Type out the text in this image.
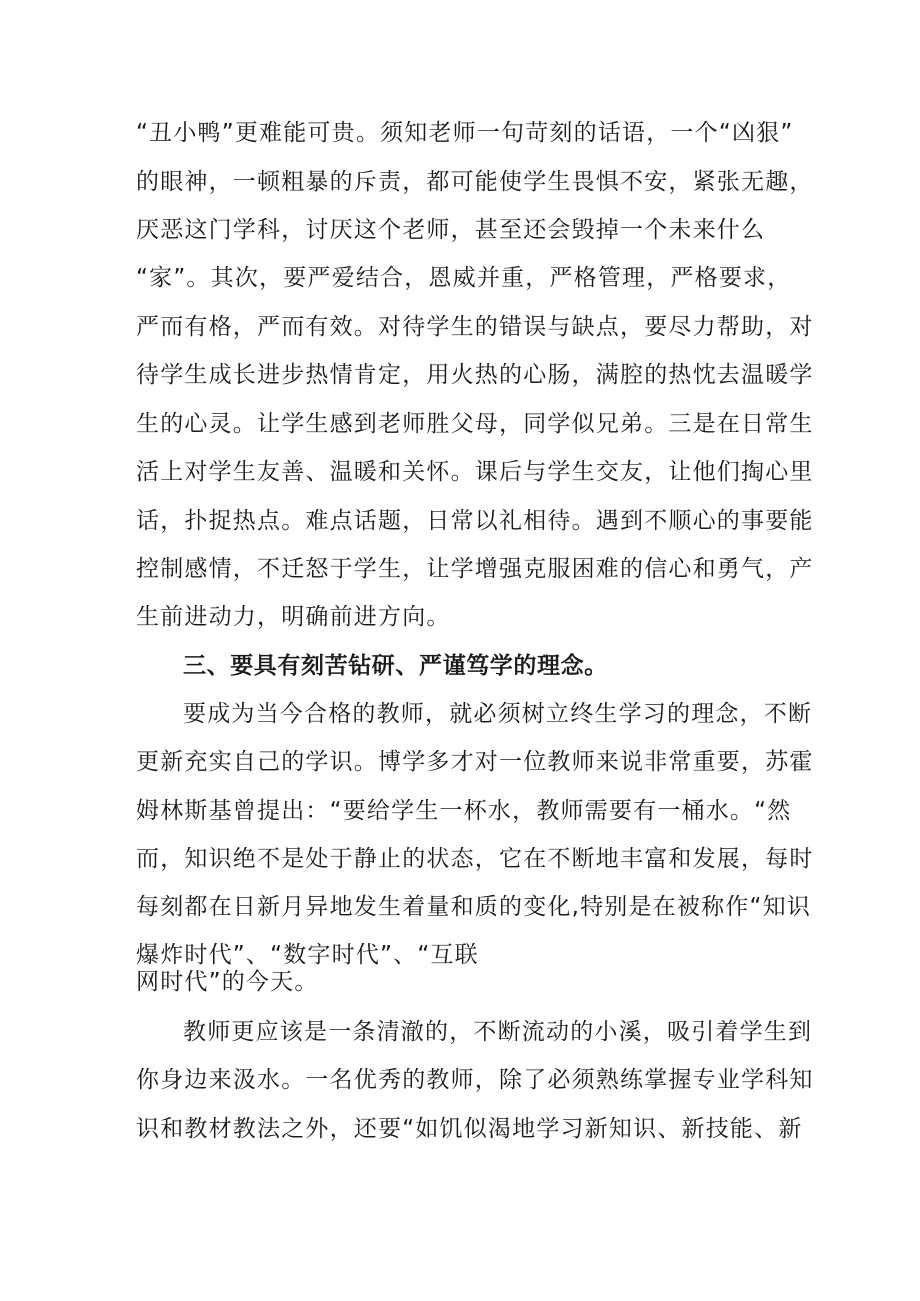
“丑小鸭”更难能可贵。须知老师一句苛刻的话语，一个“凶狠”
的眼神，一顿粗暴的斥责，都可能使学生畏惧不安，紧张无趣，
厌恶这门学科，讨厌这个老师，甚至还会毁掉一个未来什么
“家”。其次，要严爱结合，恩威并重，严格管理，严格要求，
严而有格，严而有效。对待学生的错误与缺点，要尽力帮助，对
待学生成长进步热情肯定，用火热的心肠，满腔的热忱去温暖学
生的心灵。让学生感到老师胜父母，同学似兄弟。三是在日常生
活上对学生友善、温暖和关怀。课后与学生交友，让他们掏心里
话，扑捉热点。难点话题，日常以礼相待。遇到不顺心的事要能
控制感情，不迁怒于学生，让学增强克服困难的信心和勇气，产
生前进动力，明确前进方向。
三、要具有刻苦钻研、严谨笃学的理念。
要成为当今合格的教师，就必须树立终生学习的理念，不断
更新充实自己的学识。博学多才对一位教师来说非常重要，苏霍
姆林斯基曾提出：“要给学生一杯水，教师需要有一桶水。“然
而，知识绝不是处于静止的状态，它在不断地丰富和发展，每时
每刻都在日新月异地发生着量和质的变化,特别是在被称作“知识
爆炸时代”、“数字时代”、“互联
网时代”的今天。
教师更应该是一条清澈的，不断流动的小溪，吸引着学生到
你身边来汲水。一名优秀的教师，除了必须熟练掌握专业学科知
识和教材教法之外，还要“如饥似渴地学习新知识、新技能、新
